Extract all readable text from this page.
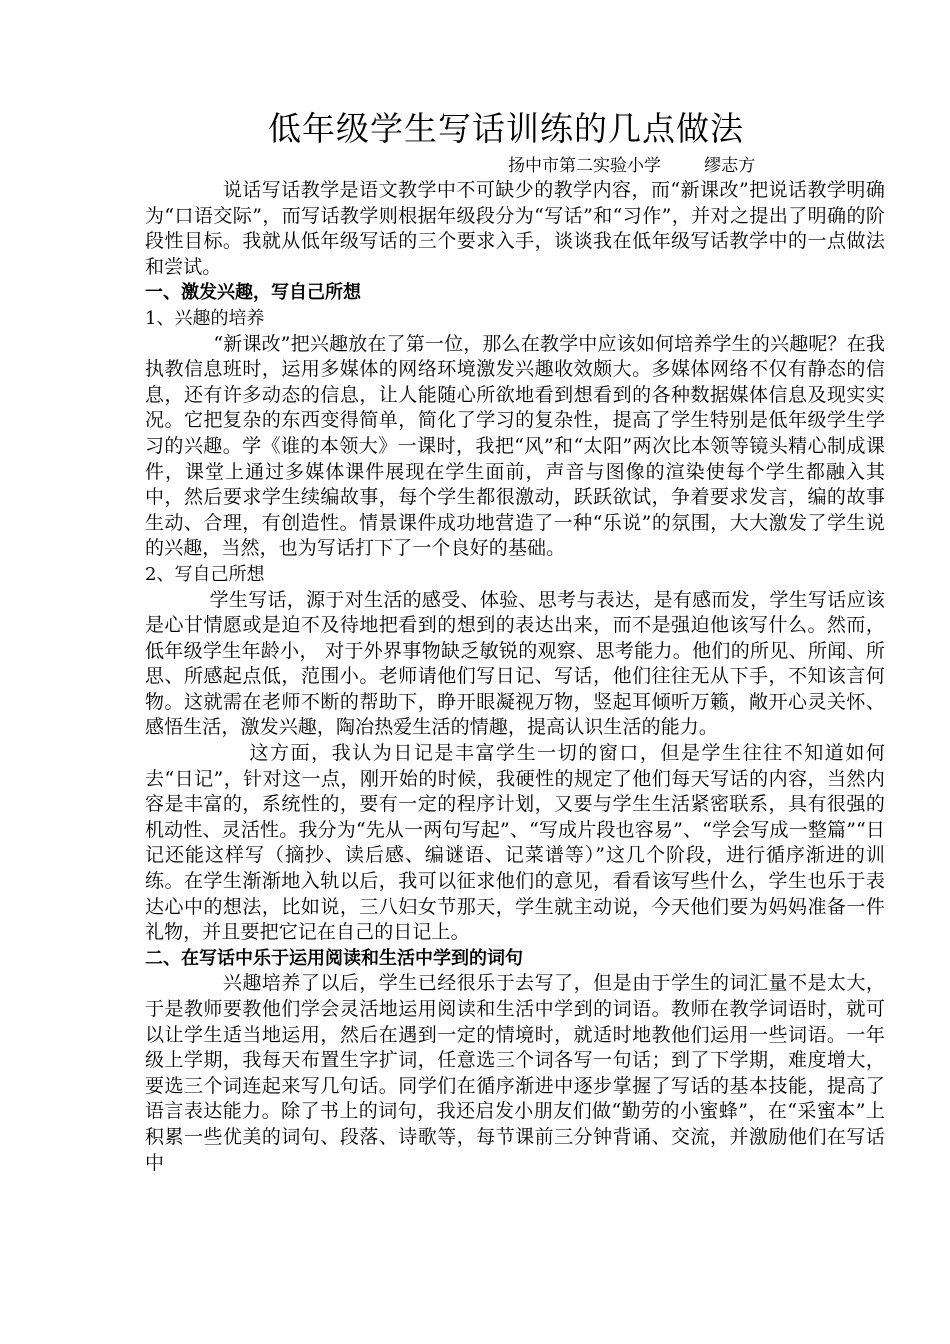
低年级学生写话训练的几点做法
扬中市第二实验小学        缪志方

说话写话教学是语文教学中不可缺少的教学内容，而“新课改”把说话教学明确为“口语交际”，而写话教学则根据年级段分为“写话”和“习作”，并对之提出了明确的阶段性目标。我就从低年级写话的三个要求入手，谈谈我在低年级写话教学中的一点做法和尝试。

一、激发兴趣，写自己所想

1、兴趣的培养

“新课改”把兴趣放在了第一位，那么在教学中应该如何培养学生的兴趣呢？在我执教信息班时，运用多媒体的网络环境激发兴趣收效颇大。多媒体网络不仅有静态的信息，还有许多动态的信息，让人能随心所欲地看到想看到的各种数据媒体信息及现实实况。它把复杂的东西变得简单，简化了学习的复杂性，提高了学生特别是低年级学生学习的兴趣。学《谁的本领大》一课时，我把“风”和“太阳”两次比本领等镜头精心制成课件，课堂上通过多媒体课件展现在学生面前，声音与图像的渲染使每个学生都融入其中，然后要求学生续编故事，每个学生都很激动，跃跃欲试，争着要求发言，编的故事生动、合理，有创造性。情景课件成功地营造了一种“乐说”的氛围，大大激发了学生说的兴趣，当然，也为写话打下了一个良好的基础。

2、写自己所想

学生写话，源于对生活的感受、体验、思考与表达，是有感而发，学生写话应该是心甘情愿或是迫不及待地把看到的想到的表达出来，而不是强迫他该写什么。然而，低年级学生年龄小， 对于外界事物缺乏敏锐的观察、思考能力。他们的所见、所闻、所思、所感起点低，范围小。老师请他们写日记、写话，他们往往无从下手，不知该言何物。这就需在老师不断的帮助下，睁开眼凝视万物，竖起耳倾听万籁，敞开心灵关怀、感悟生活，激发兴趣，陶冶热爱生活的情趣，提高认识生活的能力。

这方面，我认为日记是丰富学生一切的窗口，但是学生往往不知道如何去“日记”，针对这一点，刚开始的时候，我硬性的规定了他们每天写话的内容，当然内容是丰富的，系统性的，要有一定的程序计划，又要与学生生活紧密联系，具有很强的机动性、灵活性。我分为“先从一两句写起”、“写成片段也容易”、“学会写成一整篇”“日记还能这样写（摘抄、读后感、编谜语、记菜谱等）”这几个阶段，进行循序渐进的训练。在学生渐渐地入轨以后，我可以征求他们的意见，看看该写些什么，学生也乐于表达心中的想法，比如说，三八妇女节那天，学生就主动说，今天他们要为妈妈准备一件礼物，并且要把它记在自己的日记上。

二、在写话中乐于运用阅读和生活中学到的词句

兴趣培养了以后，学生已经很乐于去写了，但是由于学生的词汇量不是太大，于是教师要教他们学会灵活地运用阅读和生活中学到的词语。教师在教学词语时，就可以让学生适当地运用，然后在遇到一定的情境时，就适时地教他们运用一些词语。一年级上学期，我每天布置生字扩词，任意选三个词各写一句话；到了下学期，难度增大，要选三个词连起来写几句话。同学们在循序渐进中逐步掌握了写话的基本技能，提高了语言表达能力。除了书上的词句，我还启发小朋友们做“勤劳的小蜜蜂”，在“采蜜本”上积累一些优美的词句、段落、诗歌等，每节课前三分钟背诵、交流，并激励他们在写话中
